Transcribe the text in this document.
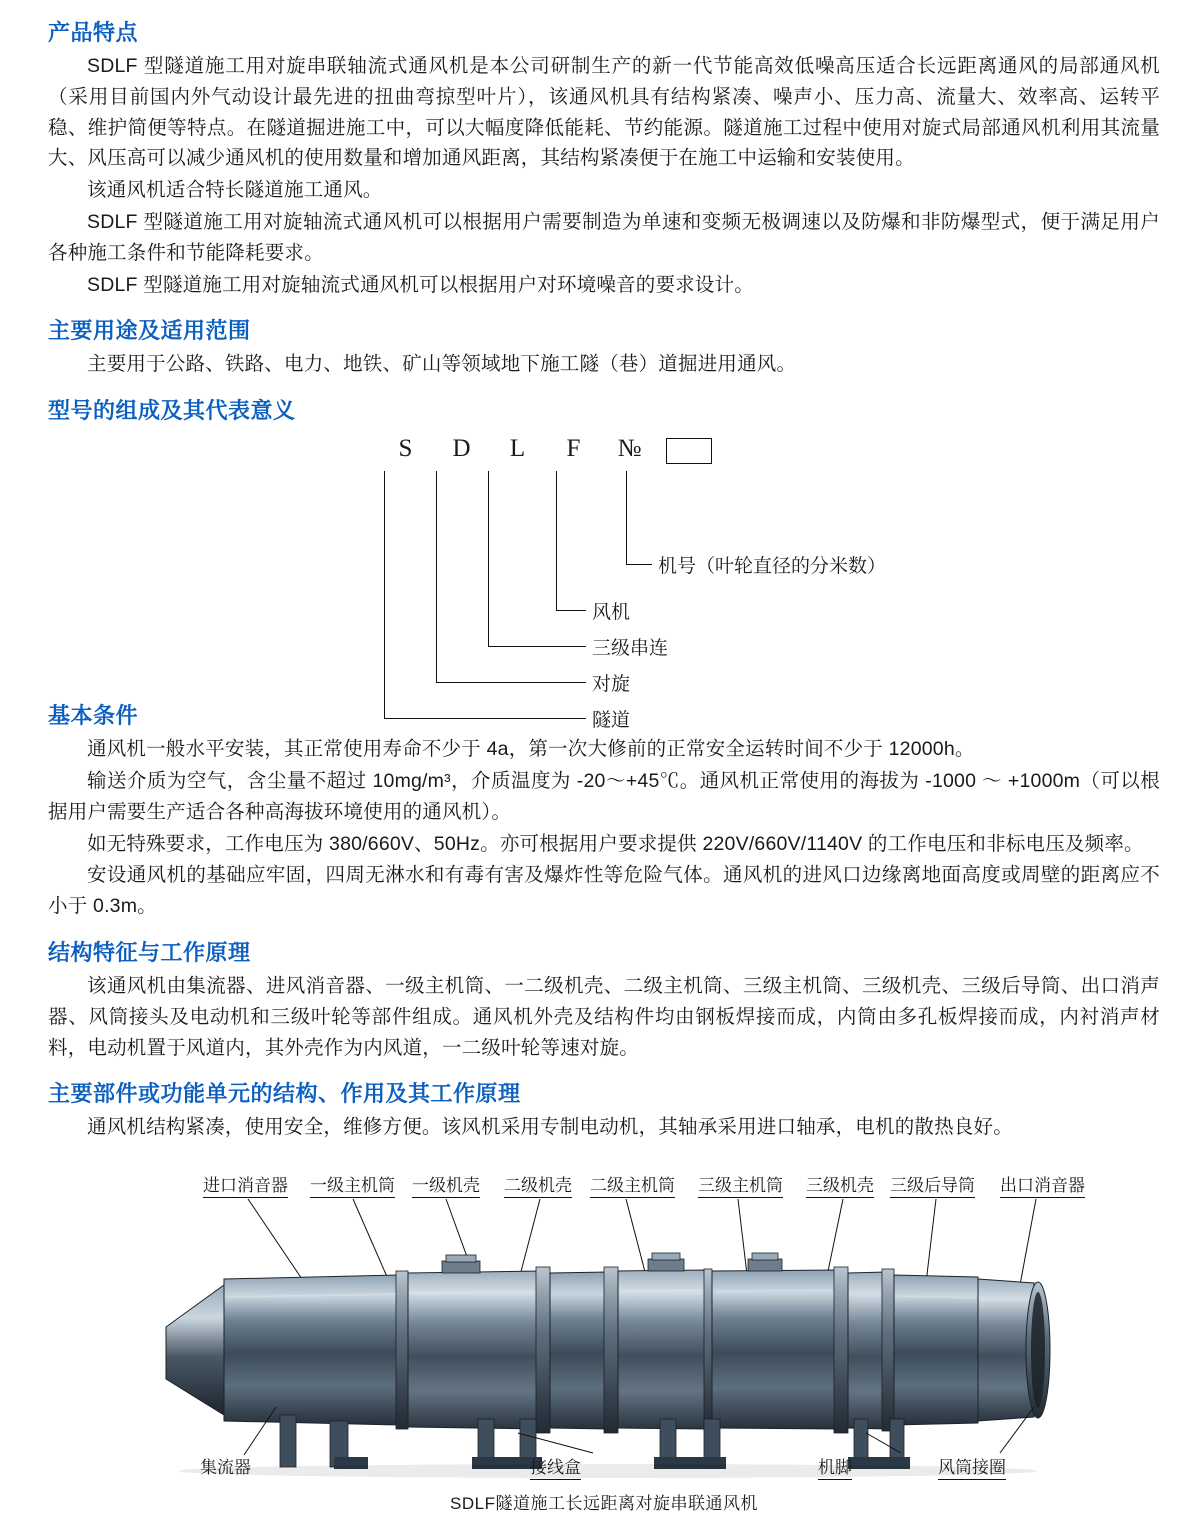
产品特点

SDLF 型隧道施工用对旋串联轴流式通风机是本公司研制生产的新一代节能高效低噪高压适合长远距离通风的局部通风机（采用目前国内外气动设计最先进的扭曲弯掠型叶片），该通风机具有结构紧凑、噪声小、压力高、流量大、效率高、运转平稳、维护简便等特点。在隧道掘进施工中，可以大幅度降低能耗、节约能源。隧道施工过程中使用对旋式局部通风机利用其流量大、风压高可以减少通风机的使用数量和增加通风距离，其结构紧凑便于在施工中运输和安装使用。

该通风机适合特长隧道施工通风。

SDLF 型隧道施工用对旋轴流式通风机可以根据用户需要制造为单速和变频无极调速以及防爆和非防爆型式，便于满足用户各种施工条件和节能降耗要求。

SDLF 型隧道施工用对旋轴流式通风机可以根据用户对环境噪音的要求设计。

主要用途及适用范围

主要用于公路、铁路、电力、地铁、矿山等领域地下施工隧（巷）道掘进用通风。

型号的组成及其代表意义
S	D	L	F	№
机号（叶轮直径的分米数）
风机
三级串连
对旋
隧道
基本条件

通风机一般水平安装，其正常使用寿命不少于 4a，第一次大修前的正常安全运转时间不少于 12000h。

输送介质为空气，含尘量不超过 10mg/m³，介质温度为 -20～+45℃。通风机正常使用的海拔为 -1000 ～ +1000m（可以根据用户需要生产适合各种高海拔环境使用的通风机）。

如无特殊要求，工作电压为 380/660V、50Hz。亦可根据用户要求提供 220V/660V/1140V 的工作电压和非标电压及频率。

安设通风机的基础应牢固，四周无淋水和有毒有害及爆炸性等危险气体。通风机的进风口边缘离地面高度或周壁的距离应不小于 0.3m。

结构特征与工作原理

该通风机由集流器、进风消音器、一级主机筒、一二级机壳、二级主机筒、三级主机筒、三级机壳、三级后导筒、出口消声器、风筒接头及电动机和三级叶轮等部件组成。通风机外壳及结构件均由钢板焊接而成，内筒由多孔板焊接而成，内衬消声材料，电动机置于风道内，其外壳作为内风道，一二级叶轮等速对旋。

主要部件或功能单元的结构、作用及其工作原理

通风机结构紧凑，使用安全，维修方便。该风机采用专制电动机，其轴承采用进口轴承，电机的散热良好。

进口消音器 一级主机筒 一级机壳 二级机壳 二级主机筒 三级主机筒 三级机壳 三级后导筒 出口消音器
集流器	接线盒	机脚	风筒接圈
SDLF隧道施工长远距离对旋串联通风机
